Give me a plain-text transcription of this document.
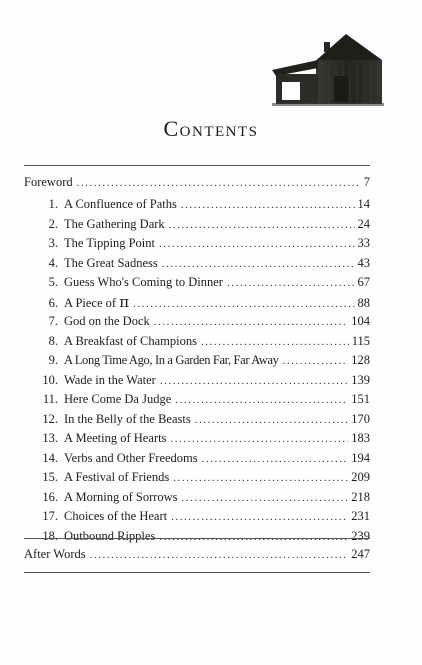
Contents
Foreword . . .	7
1. A Confluence of Paths . . .	14
2. The Gathering Dark . . .	24
3. The Tipping Point . . .	33
4. The Great Sadness . . .	43
5. Guess Who's Coming to Dinner . . .	67
6. A Piece of π . . .	88
7. God on the Dock . . .	104
8. A Breakfast of Champions . . .	115
9. A Long Time Ago, In a Garden Far, Far Away . . .	128
10. Wade in the Water . . .	139
11. Here Come Da Judge . . .	151
12. In the Belly of the Beasts . . .	170
13. A Meeting of Hearts . . .	183
14. Verbs and Other Freedoms . . .	194
15. A Festival of Friends . . .	209
16. A Morning of Sorrows . . .	218
17. Choices of the Heart . . .	231
18. Outbound Ripples . . .	239
After Words . . .	247
